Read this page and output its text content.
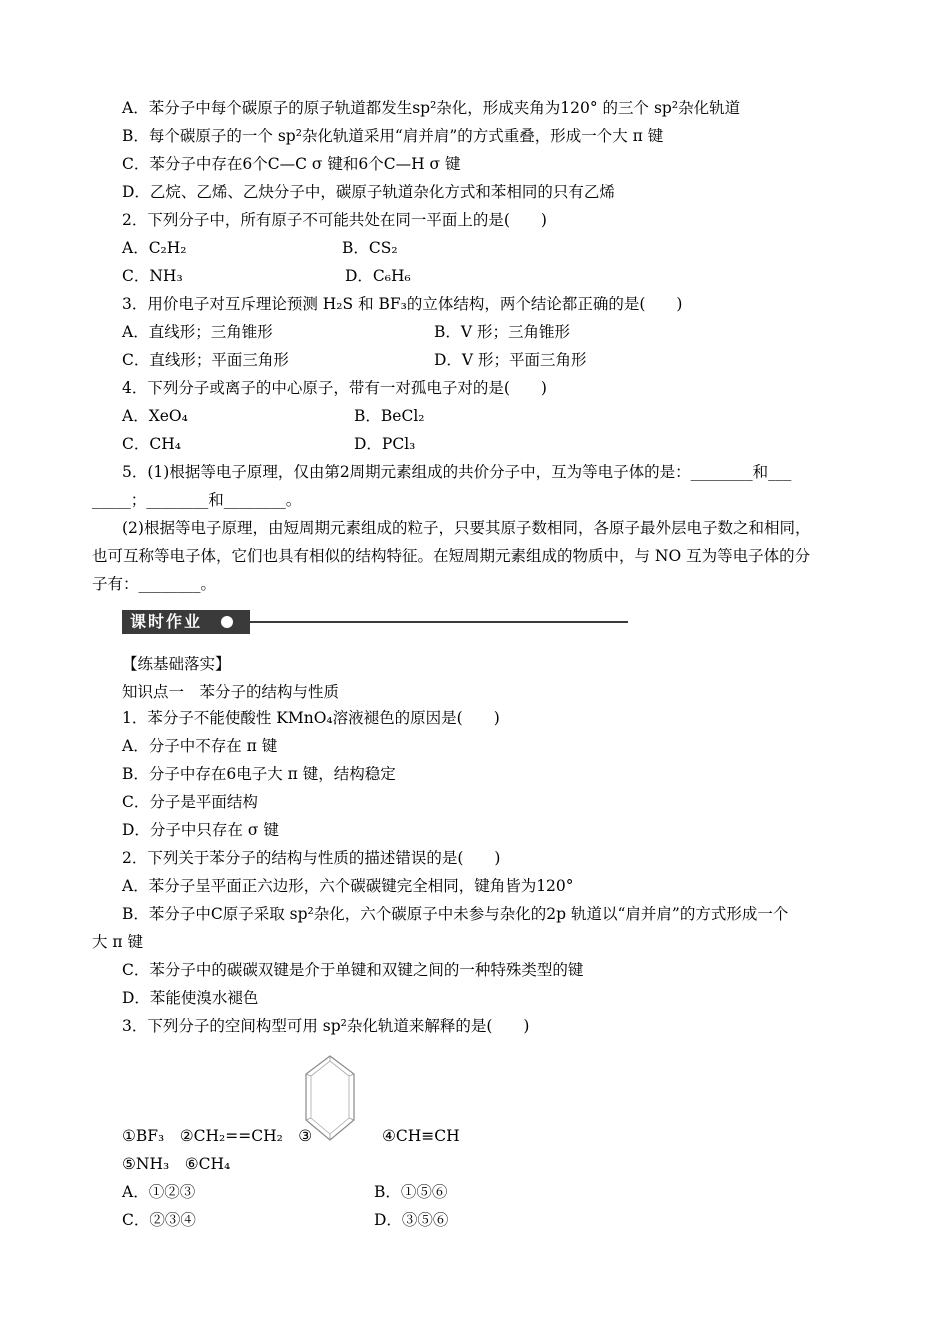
A．苯分子中每个碳原子的原子轨道都发生sp²杂化，形成夹角为120° 的三个 sp²杂化轨道
B．每个碳原子的一个 sp²杂化轨道采用“肩并肩”的方式重叠，形成一个大 π 键
C．苯分子中存在6个C—C σ 键和6个C—H σ 键
D．乙烷、乙烯、乙炔分子中，碳原子轨道杂化方式和苯相同的只有乙烯
2．下列分子中，所有原子不可能共处在同一平面上的是(　　)
A．C₂H₂	B．CS₂
C．NH₃	D．C₆H₆
3．用价电子对互斥理论预测 H₂S 和 BF₃的立体结构，两个结论都正确的是(　　)
A．直线形；三角锥形	B．V 形；三角锥形
C．直线形；平面三角形	D．V 形；平面三角形
4．下列分子或离子的中心原子，带有一对孤电子对的是(　　)
A．XeO₄	B．BeCl₂
C．CH₄	D．PCl₃
5．(1)根据等电子原理，仅由第2周期元素组成的共价分子中，互为等电子体的是：________和___
_____；________和________。
(2)根据等电子原理，由短周期元素组成的粒子，只要其原子数相同，各原子最外层电子数之和相同，
也可互称等电子体，它们也具有相似的结构特征。在短周期元素组成的物质中，与 NO 互为等电子体的分
子有：________。
课时作业
【练基础落实】
知识点一　苯分子的结构与性质
1．苯分子不能使酸性 KMnO₄溶液褪色的原因是(　　)
A．分子中不存在 π 键
B．分子中存在6电子大 π 键，结构稳定
C．分子是平面结构
D．分子中只存在 σ 键
2．下列关于苯分子的结构与性质的描述错误的是(　　)
A．苯分子呈平面正六边形，六个碳碳键完全相同，键角皆为120°
B．苯分子中C原子采取 sp²杂化，六个碳原子中未参与杂化的2p 轨道以“肩并肩”的方式形成一个
大 π 键
C．苯分子中的碳碳双键是介于单键和双键之间的一种特殊类型的键
D．苯能使溴水褪色
3．下列分子的空间构型可用 sp²杂化轨道来解释的是(　　)
①BF₃　②CH₂==CH₂　③	④CH≡CH
⑤NH₃　⑥CH₄
A．①②③	B．①⑤⑥
C．②③④	D．③⑤⑥
